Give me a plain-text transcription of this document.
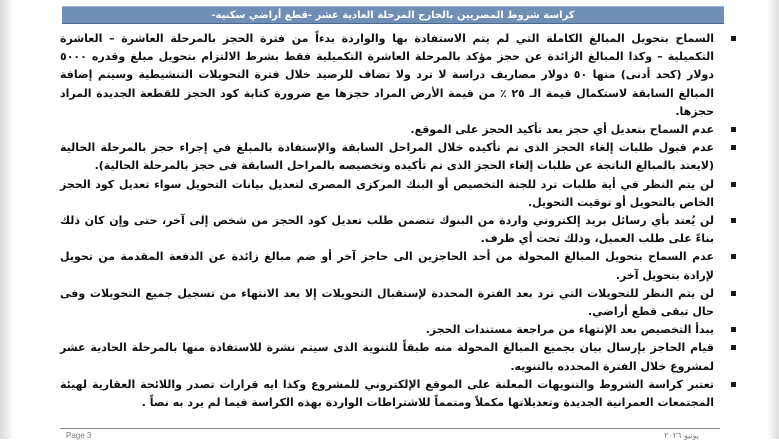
كراسة شروط المصريين بالخارج المرحلة العادية عشر -قطع أراضي سكنية-
السماح بتحويل المبالغ الكاملة التي لم يتم الاستفادة بها والواردة بدءاً من فترة الحجز بالمرحلة العاشرة – العاشرة التكميلية – وكذا المبالغ الزائدة عن حجز مؤكد بالمرحلة العاشرة التكميلية فقط بشرط الالتزام بتحويل مبلغ وقدره ٥٠٠٠ دولار (كحد أدنى) منها ٥٠ دولار مصاريف دراسة لا ترد ولا تضاف للرصيد خلال فترة التحويلات التنشيطية وسيتم إضافة المبالغ السابقة لاستكمال قيمة الـ ٢٥ ٪ من قيمة الأرض المراد حجزها مع ضرورة كتابة كود الحجز للقطعة الجديدة المراد حجزها.
عدم السماح بتعديل أي حجز بعد تأكيد الحجز على الموقع.
عدم قبول طلبات إلغاء الحجز الذى تم تأكيده خلال المراحل السابقة والإستفادة بالمبلغ في إجراء حجز بالمرحلة الحالية (لايعتد بالمبالغ الناتجة عن طلبات إلغاء الحجز الذى تم تأكيده وتخصيصه بالمراحل السابقة فى حجز بالمرحلة الحالية).
لن يتم النظر في أية طلبات ترد للجنة التخصيص أو البنك المركزى المصرى لتعديل بيانات التحويل سواء تعديل كود الحجز الخاص بالتحويل أو توقيت التحويل.
لن يُعتد بأي رسائل بريد إلكتروني واردة من البنوك تتضمن طلب تعديل كود الحجز من شخص إلى آخر، حتى وإن كان ذلك بناءً على طلب العميل، وذلك تحت أي ظرف.
عدم السماح بتحويل المبالغ المحولة من أحد الحاجزين الى حاجز آخر أو ضم مبالغ زائدة عن الدفعة المقدمة من تحويل لإرادة بتحويل آخر.
لن يتم النظر للتحويلات التي ترد بعد الفترة المحددة لإستقبال التحويلات إلا بعد الانتهاء من تسجيل جميع التحويلات وفى حال تبقى قطع أراضي.
يبدأ التخصيص بعد الإنتهاء من مراجعة مستندات الحجز.
قيام الحاجز بإرسال بيان بجميع المبالغ المحولة منه طبقاً للتنوية الذى سيتم نشرة للاستفادة منها بالمرحلة الحادية عشر لمشروع خلال الفترة المحدده بالتنويه.
تعتبر كراسة الشروط والتنويهات المعلنة على الموقع الإلكتروني للمشروع وكذا ايه قرارات تصدر واللائحة العقارية لهيئة المجتمعات العمرانية الجديدة وتعديلاتها مكملاً ومتمماً للاشتراطات الواردة بهذه الكراسة فيما لم يرد به نصاً .
Page 3	يونيو ٢٠٢٦
